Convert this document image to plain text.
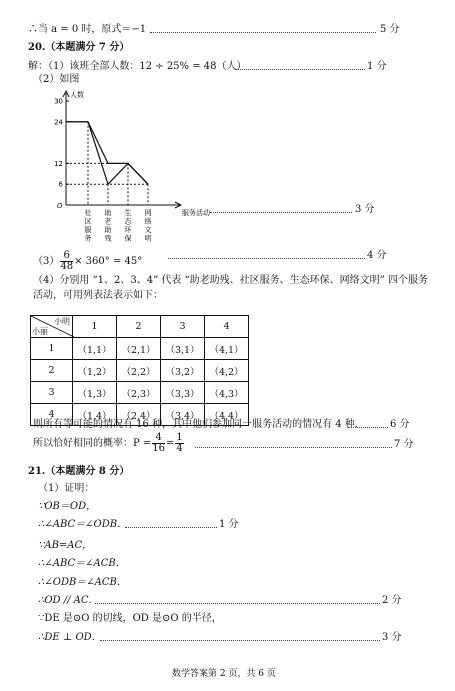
∴当 a = 0 时，原式＝−1	5 分
20.（本题满分 7 分）
解：（1）该班全部人数：12 ÷ 25% = 48（人）	1 分
（2）如图
人数
O
6
12
24
30
社区服务
助老助残
生态环保
网络文明
服务活动	3 分
$(3) \frac{6}{48} \times 360^\circ = 45^\circ$
4 分
（4）分别用 “1、2、3、4” 代表 “助老助残、社区服务、生态环保、网络文明” 四个服务
活动，可用列表法表示如下：
小明
小丽	1	2	3	4
1	（1,1）	（2,1）	（3,1）	（4,1）
2	（1,2）	（2,2）	（3,2）	（4,2）
3	（1,3）	（2,3）	（3,3）	（4,3）
4	（1,4）	（2,4）	（3,4）	（4,4）
则所有等可能的情况有 16 种，其中他们参加同一服务活动的情况有 4 种．	6 分
所以恰好相同的概率：$P = \frac{4}{16} = \frac{1}{4}$	7 分
21.（本题满分 8 分）
（1）证明：
∵OB＝OD，
∴∠ABC＝∠ODB．	1 分
∵AB=AC，
∴∠ABC＝∠ACB．
∴∠ODB＝∠ACB．
∴OD // AC．	2 分
∵DE 是⊙O 的切线，OD 是⊙O 的半径，
∴DE ⊥ OD．	3 分
数学答案第 2 页，共 6 页
